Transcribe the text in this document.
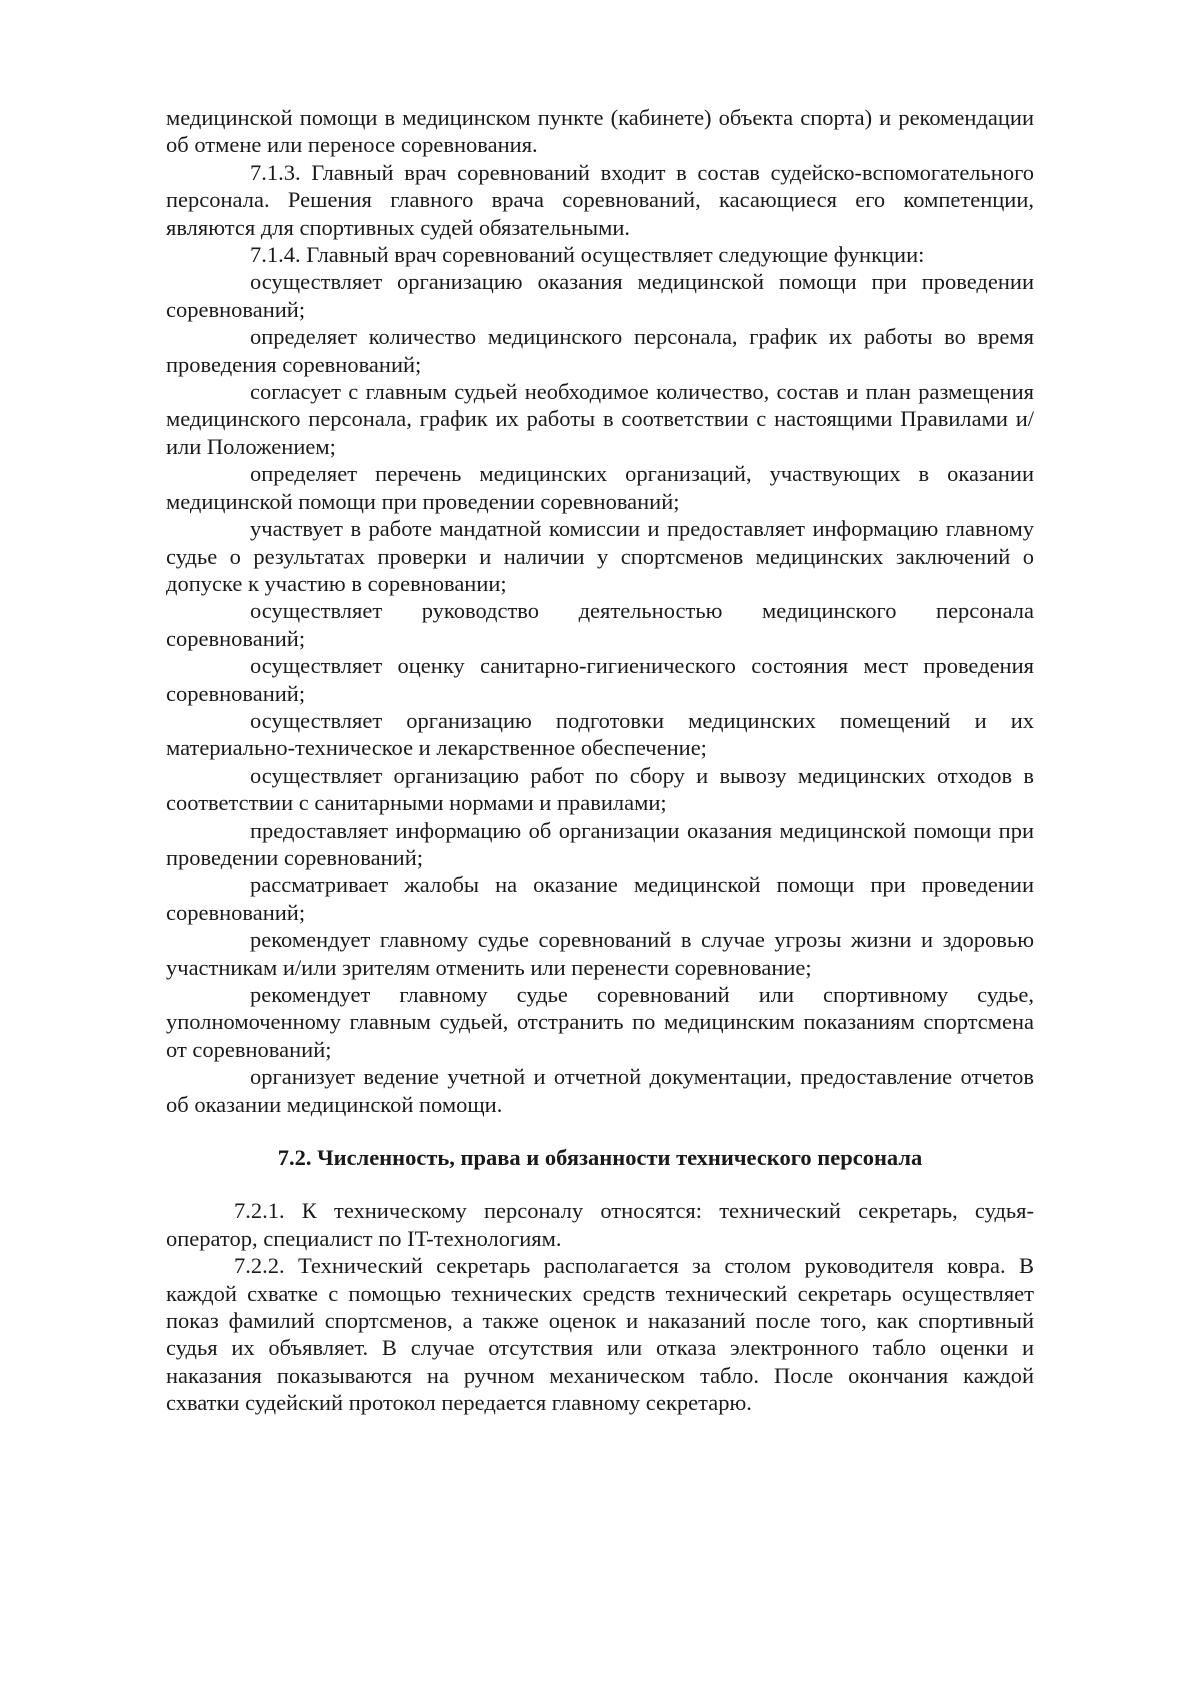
медицинской помощи в медицинском пункте (кабинете) объекта спорта) и рекомендации об отмене или переносе соревнования.

7.1.3. Главный врач соревнований входит в состав судейско-вспомогательного персонала. Решения главного врача соревнований, касающиеся его компетенции, являются для спортивных судей обязательными.

7.1.4. Главный врач соревнований осуществляет следующие функции:

осуществляет организацию оказания медицинской помощи при проведении соревнований;

определяет количество медицинского персонала, график их работы во время проведения соревнований;

согласует с главным судьей необходимое количество, состав и план размещения медицинского персонала, график их работы в соответствии с настоящими Правилами и/или Положением;

определяет перечень медицинских организаций, участвующих в оказании медицинской помощи при проведении соревнований;

участвует в работе мандатной комиссии и предоставляет информацию главному судье о результатах проверки и наличии у спортсменов медицинских заключений о допуске к участию в соревновании;

осуществляет руководство деятельностью медицинского персонала соревнований;

осуществляет оценку санитарно-гигиенического состояния мест проведения соревнований;

осуществляет организацию подготовки медицинских помещений и их материально-техническое и лекарственное обеспечение;

осуществляет организацию работ по сбору и вывозу медицинских отходов в соответствии с санитарными нормами и правилами;

предоставляет информацию об организации оказания медицинской помощи при проведении соревнований;

рассматривает жалобы на оказание медицинской помощи при проведении соревнований;

рекомендует главному судье соревнований в случае угрозы жизни и здоровью участникам и/или зрителям отменить или перенести соревнование;

рекомендует главному судье соревнований или спортивному судье, уполномоченному главным судьей, отстранить по медицинским показаниям спортсмена от соревнований;

организует ведение учетной и отчетной документации, предоставление отчетов об оказании медицинской помощи.

7.2. Численность, права и обязанности технического персонала

7.2.1. К техническому персоналу относятся: технический секретарь, судья-оператор, специалист по IT-технологиям.

7.2.2. Технический секретарь располагается за столом руководителя ковра. В каждой схватке с помощью технических средств технический секретарь осуществляет показ фамилий спортсменов, а также оценок и наказаний после того, как спортивный судья их объявляет. В случае отсутствия или отказа электронного табло оценки и наказания показываются на ручном механическом табло. После окончания каждой схватки судейский протокол передается главному секретарю.
